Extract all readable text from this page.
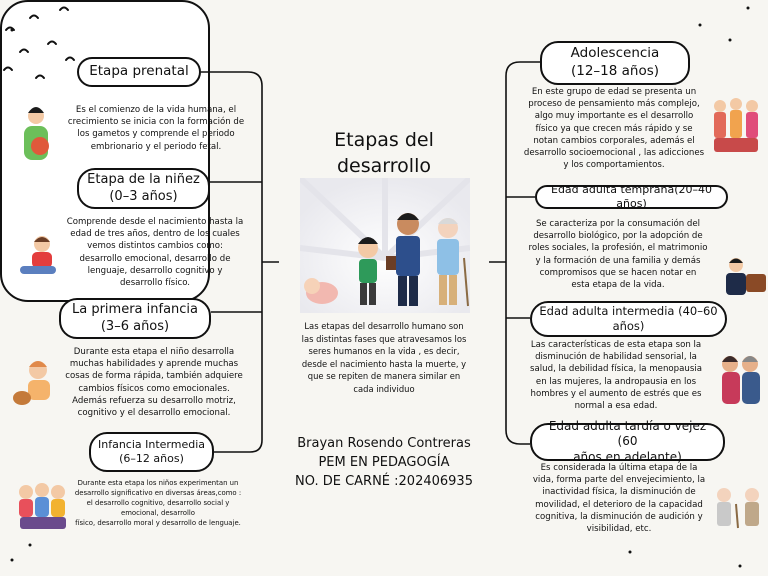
Etapas del
desarrollo

Las etapas del desarrollo humano son
las distintas fases que atravesamos los
seres humanos en la vida , es decir,
desde el nacimiento hasta la muerte, y
que se repiten de manera similar en
cada individuo
Brayan Rosendo Contreras
PEM EN PEDAGOGÍA
NO. DE CARNÉ :202406935
Etapa prenatal
Es el comienzo de la vida humana, el
crecimiento se inicia con la formación de
los gametos y comprende el periodo
embrionario y el periodo fetal.
Etapa de la niñez
(0–3 años)
Comprende desde el nacimiento hasta la
edad de tres años, dentro de los cuales
vemos distintos cambios como:
desarrollo emocional, desarrollo de
lenguaje, desarrollo cognitivo y
desarrollo físico.
La primera infancia
(3–6 años)
Durante esta etapa el niño desarrolla
muchas habilidades y aprende muchas
cosas de forma rápida, también adquiere
cambios físicos como emocionales.
Además refuerza su desarrollo motriz,
cognitivo y el desarrollo emocional.
Infancia Intermedia
(6–12 años)
Durante esta etapa los niños experimentan un
desarrollo significativo en diversas áreas,como :
el desarrollo cognitivo, desarrollo social y
emocional, desarrollo
físico, desarrollo moral y desarrollo de lenguaje.
Adolescencia
(12–18 años)
En este grupo de edad se presenta un
proceso de pensamiento más complejo,
algo muy importante es el desarrollo
físico ya que crecen más rápido y se
notan cambios corporales, además el
desarrollo socioemocional , las adicciones
y los comportamientos.
Edad adulta temprana(20–40 años)
Se caracteriza por la consumación del
desarrollo biológico, por la adopción de
roles sociales, la profesión, el matrimonio
y la formación de una familia y demás
compromisos que se hacen notar en
esta etapa de la vida.
Edad adulta intermedia (40–60
años)
Las características de esta etapa son la
disminución de habilidad sensorial, la
salud, la debilidad física, la menopausia
en las mujeres, la andropausia en los
hombres y el aumento de estrés que es
normal a esa edad.
Edad adulta tardía o vejez (60
años en adelante)
Es considerada la última etapa de la
vida, forma parte del envejecimiento, la
inactividad física, la disminución de
movilidad, el deterioro de la capacidad
cognitiva, la disminución de audición y
visibilidad, etc.
